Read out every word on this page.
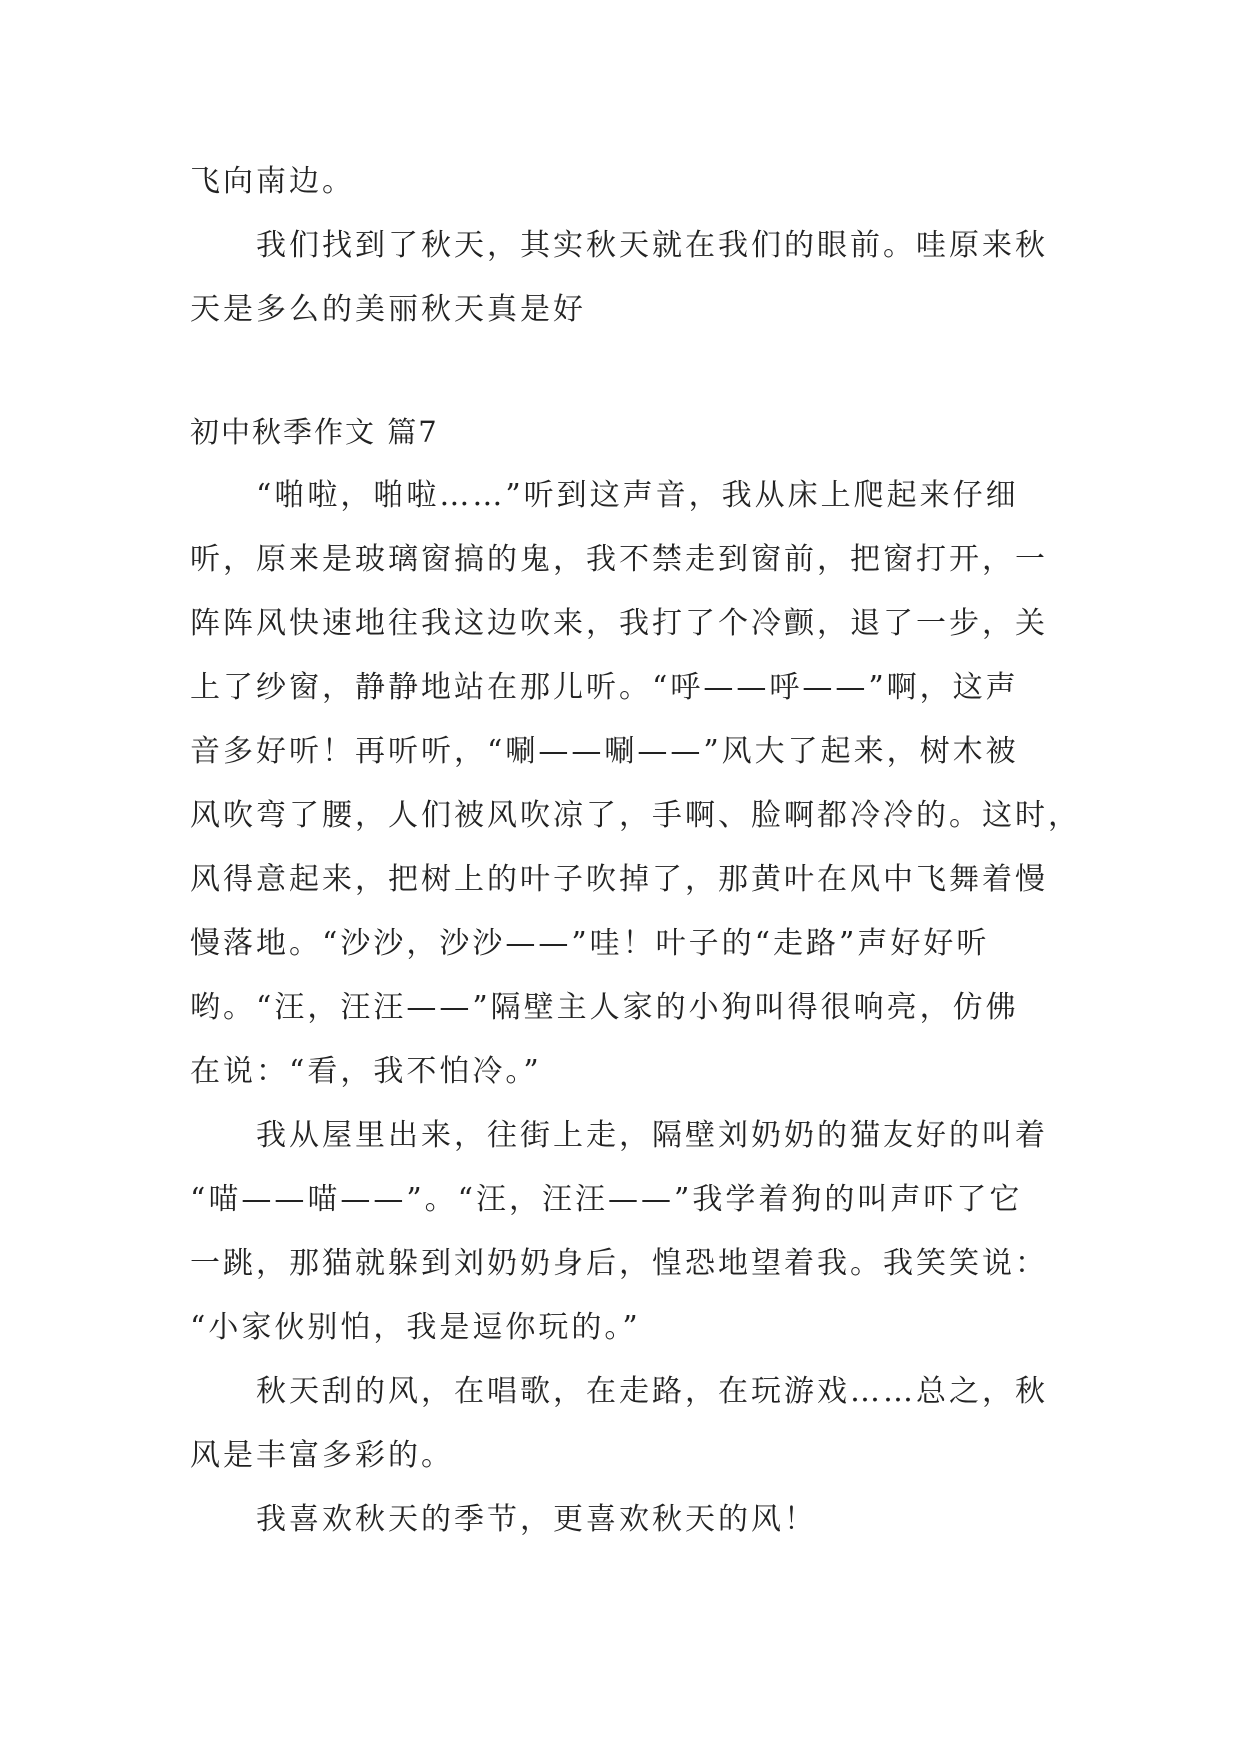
飞向南边。
我们找到了秋天，其实秋天就在我们的眼前。哇原来秋
天是多么的美丽秋天真是好
初中秋季作文 篇7
“啪啦，啪啦……”听到这声音，我从床上爬起来仔细
听，原来是玻璃窗搞的鬼，我不禁走到窗前，把窗打开，一
阵阵风快速地往我这边吹来，我打了个冷颤，退了一步，关
上了纱窗，静静地站在那儿听。“呼——呼——”啊，这声
音多好听！再听听，“唰——唰——”风大了起来，树木被
风吹弯了腰，人们被风吹凉了，手啊、脸啊都冷冷的。这时，
风得意起来，把树上的叶子吹掉了，那黄叶在风中飞舞着慢
慢落地。“沙沙，沙沙——”哇！叶子的“走路”声好好听
哟。“汪，汪汪——”隔壁主人家的小狗叫得很响亮，仿佛
在说：“看，我不怕冷。”
我从屋里出来，往街上走，隔壁刘奶奶的猫友好的叫着
“喵——喵——”。“汪，汪汪——”我学着狗的叫声吓了它
一跳，那猫就躲到刘奶奶身后，惶恐地望着我。我笑笑说：
“小家伙别怕，我是逗你玩的。”
秋天刮的风，在唱歌，在走路，在玩游戏……总之，秋
风是丰富多彩的。
我喜欢秋天的季节，更喜欢秋天的风！
